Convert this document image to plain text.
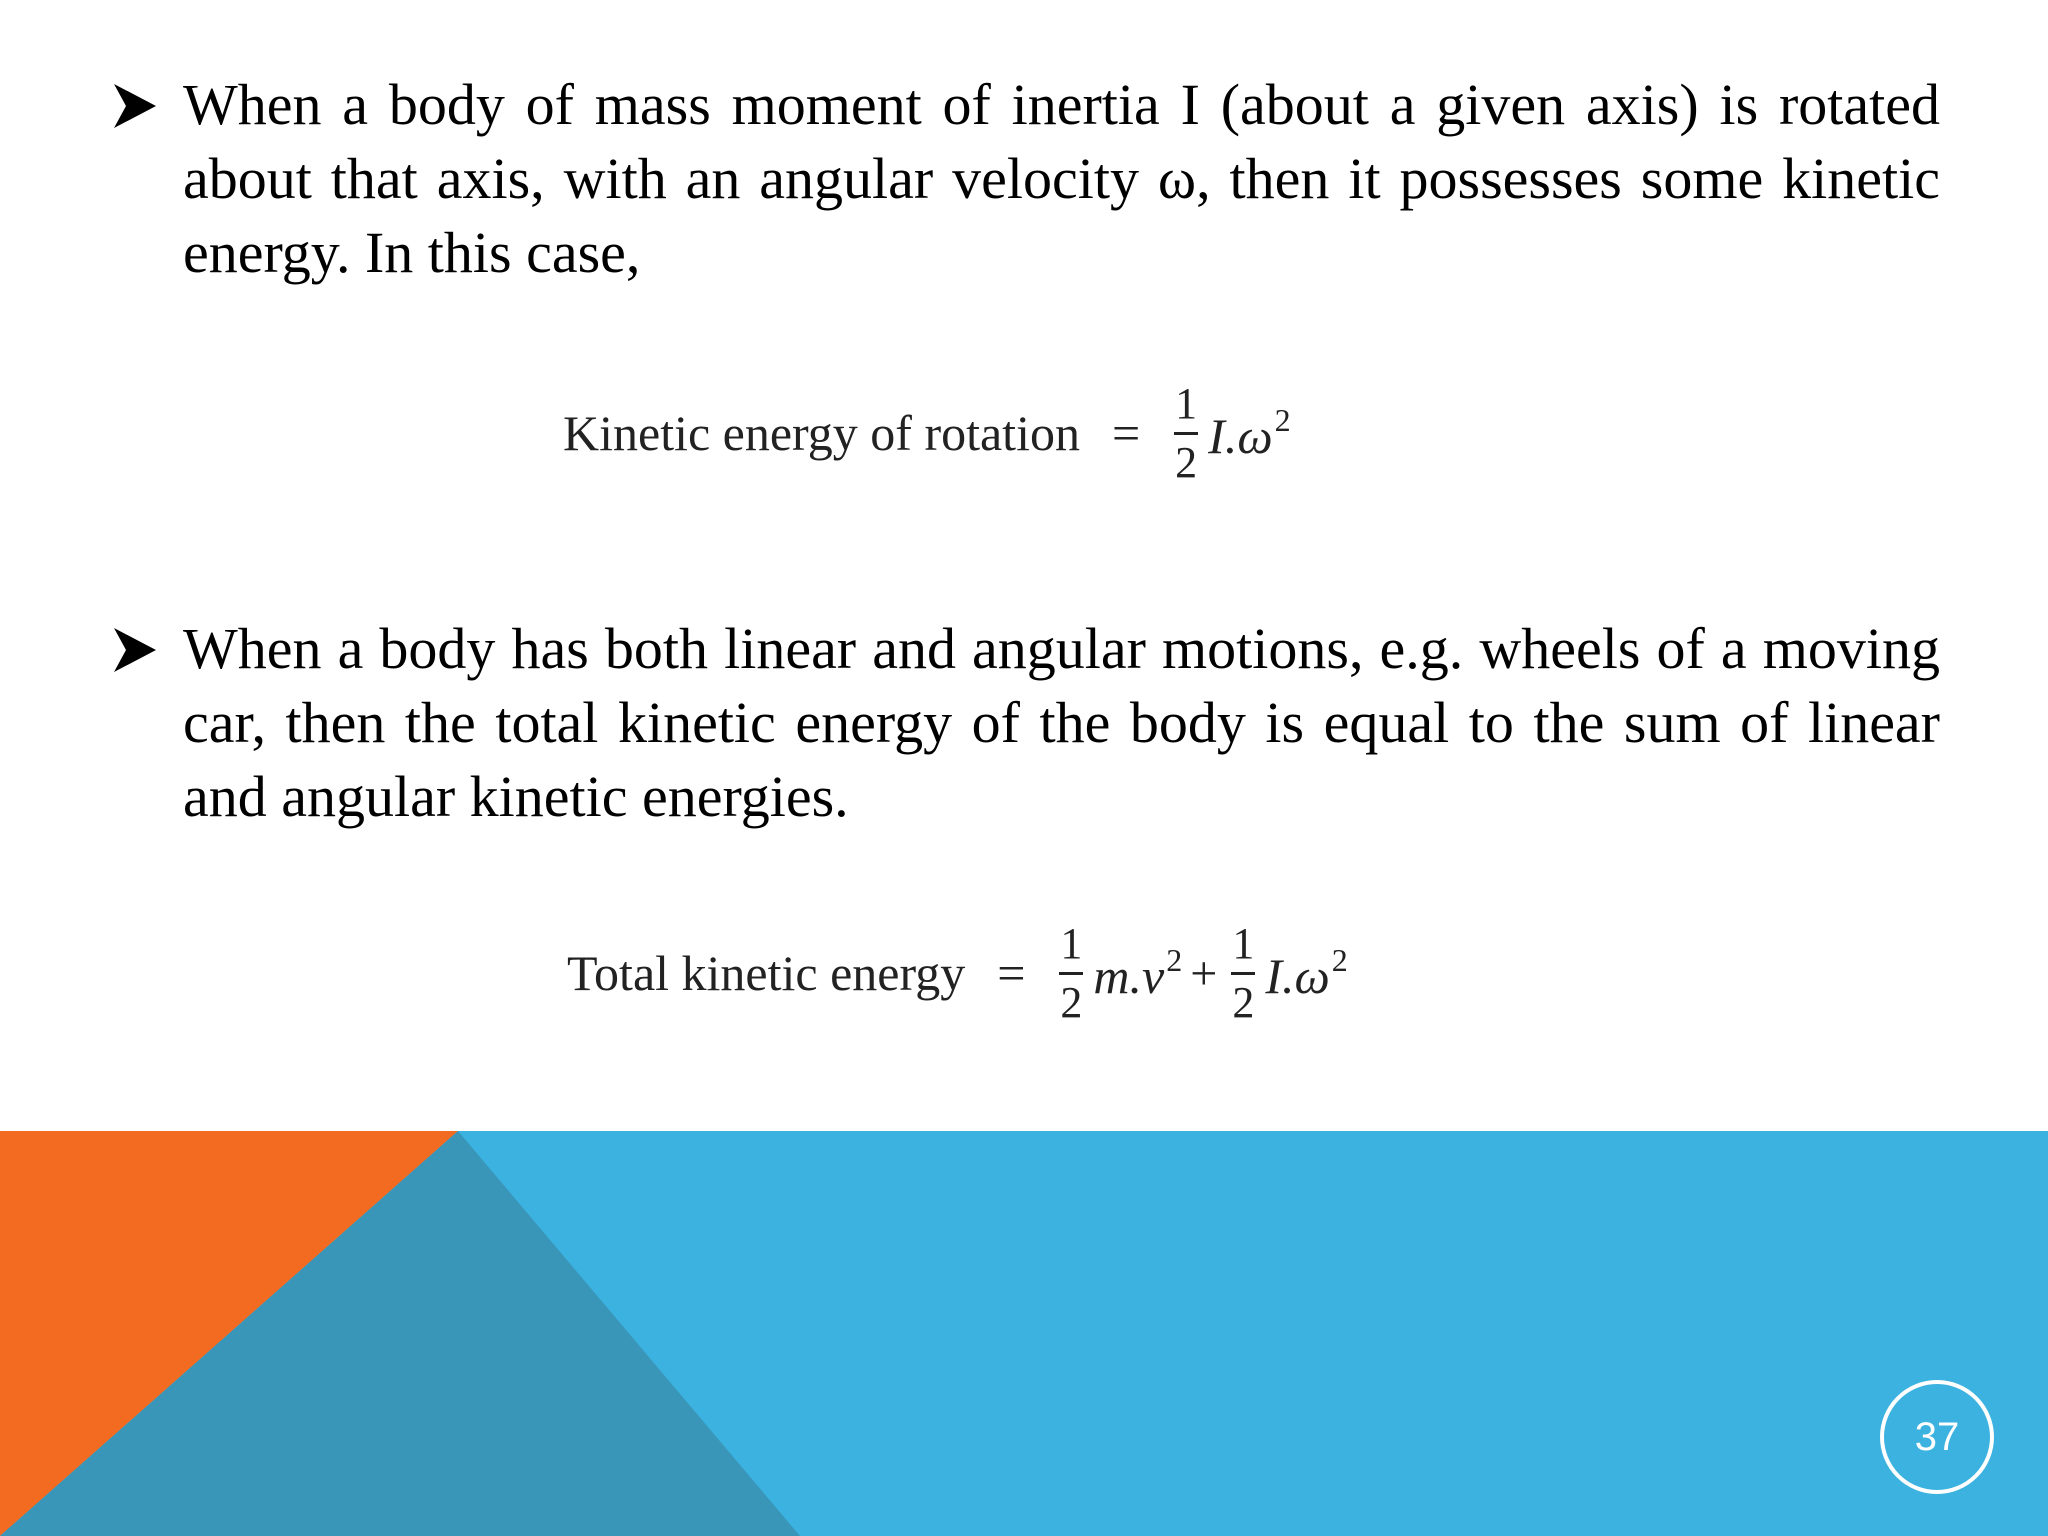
When a body of mass moment of inertia I (about a given axis) is rotated about that axis, with an angular velocity ω, then it possesses some kinetic energy. In this case,
Kinetic energy of rotation = $\frac{1}{2} I.\omega^2$
When a body has both linear and angular motions, e.g. wheels of a moving car, then the total kinetic energy of the body is equal to the sum of linear and angular kinetic energies.
Total kinetic energy = $\frac{1}{2} m.v^2 + \frac{1}{2} I.\omega^2$
37
